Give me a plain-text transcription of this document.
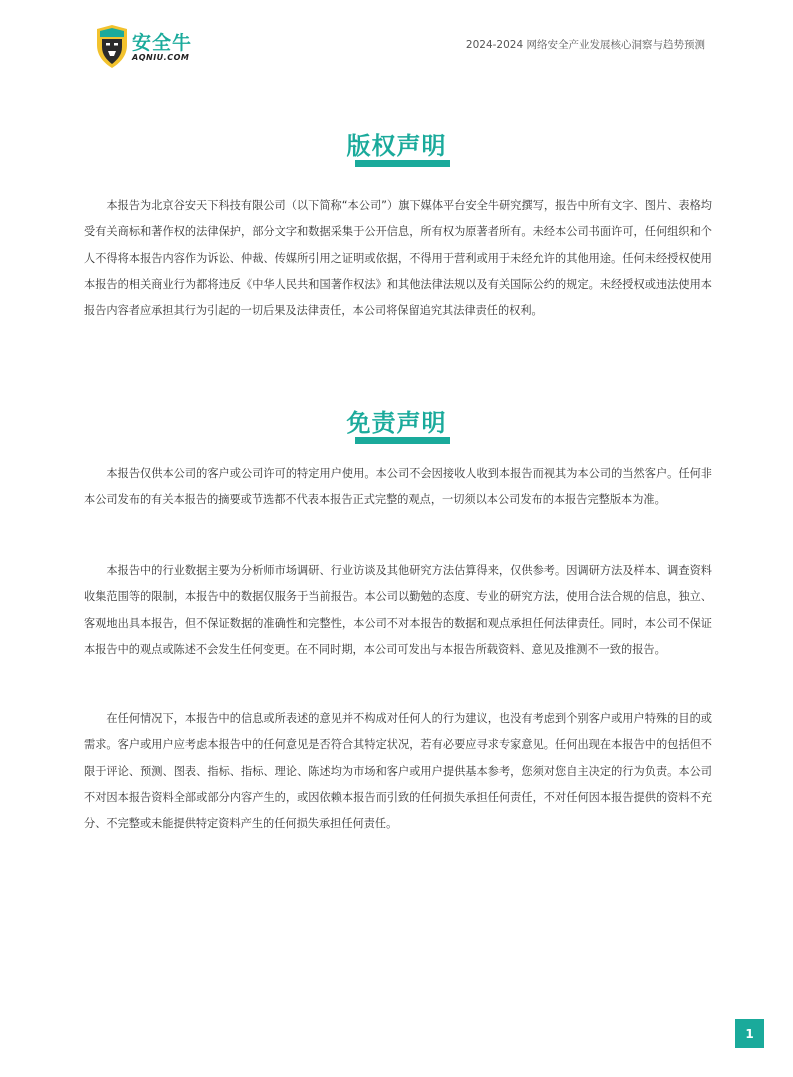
安全牛
AQNIU.COM
2024-2024 网络安全产业发展核心洞察与趋势预测
版权声明

本报告为北京谷安天下科技有限公司（以下简称“本公司”）旗下媒体平台安全牛研究撰写，报告中所有文字、图片、表格均受有关商标和著作权的法律保护，部分文字和数据采集于公开信息，所有权为原著者所有。未经本公司书面许可，任何组织和个人不得将本报告内容作为诉讼、仲裁、传媒所引用之证明或依据，不得用于营利或用于未经允许的其他用途。任何未经授权使用本报告的相关商业行为都将违反《中华人民共和国著作权法》和其他法律法规以及有关国际公约的规定。未经授权或违法使用本报告内容者应承担其行为引起的一切后果及法律责任，本公司将保留追究其法律责任的权利。

免责声明

本报告仅供本公司的客户或公司许可的特定用户使用。本公司不会因接收人收到本报告而视其为本公司的当然客户。任何非本公司发布的有关本报告的摘要或节选都不代表本报告正式完整的观点，一切须以本公司发布的本报告完整版本为准。

本报告中的行业数据主要为分析师市场调研、行业访谈及其他研究方法估算得来，仅供参考。因调研方法及样本、调查资料收集范围等的限制，本报告中的数据仅服务于当前报告。本公司以勤勉的态度、专业的研究方法，使用合法合规的信息，独立、客观地出具本报告，但不保证数据的准确性和完整性，本公司不对本报告的数据和观点承担任何法律责任。同时，本公司不保证本报告中的观点或陈述不会发生任何变更。在不同时期，本公司可发出与本报告所载资料、意见及推测不一致的报告。

在任何情况下，本报告中的信息或所表述的意见并不构成对任何人的行为建议，也没有考虑到个别客户或用户特殊的目的或需求。客户或用户应考虑本报告中的任何意见是否符合其特定状况，若有必要应寻求专家意见。任何出现在本报告中的包括但不限于评论、预测、图表、指标、指标、理论、陈述均为市场和客户或用户提供基本参考，您须对您自主决定的行为负责。本公司不对因本报告资料全部或部分内容产生的，或因依赖本报告而引致的任何损失承担任何责任，不对任何因本报告提供的资料不充分、不完整或未能提供特定资料产生的任何损失承担任何责任。

1
